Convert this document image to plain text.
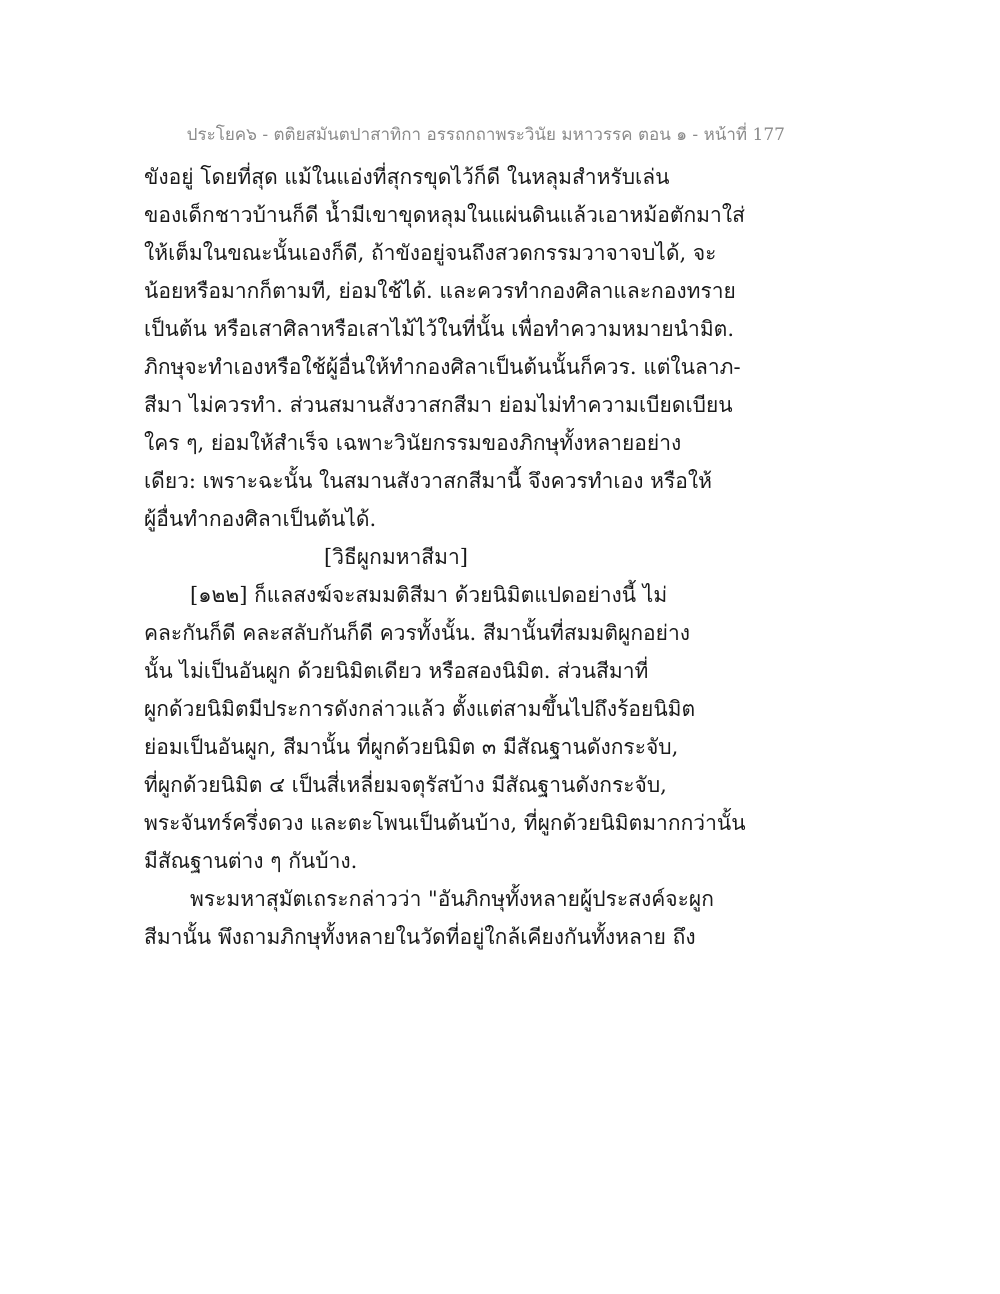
ประโยค๖ - ตติยสมันตปาสาทิกา อรรถกถาพระวินัย มหาวรรค ตอน ๑ - หน้าที่ 177
ขังอยู่ โดยที่สุด แม้ในแอ่งที่สุกรขุดไว้ก็ดี ในหลุมสำหรับเล่น
ของเด็กชาวบ้านก็ดี น้ำมีเขาขุดหลุมในแผ่นดินแล้วเอาหม้อตักมาใส่
ให้เต็มในขณะนั้นเองก็ดี, ถ้าขังอยู่จนถึงสวดกรรมวาจาจบได้, จะ
น้อยหรือมากก็ตามที, ย่อมใช้ได้. และควรทำกองศิลาและกองทราย
เป็นต้น หรือเสาศิลาหรือเสาไม้ไว้ในที่นั้น เพื่อทำความหมายนำมิต.
ภิกษุจะทำเองหรือใช้ผู้อื่นให้ทำกองศิลาเป็นต้นนั้นก็ควร. แต่ในลาภ-
สีมา ไม่ควรทำ. ส่วนสมานสังวาสกสีมา ย่อมไม่ทำความเบียดเบียน
ใคร ๆ, ย่อมให้สำเร็จ เฉพาะวินัยกรรมของภิกษุทั้งหลายอย่าง
เดียว: เพราะฉะนั้น ในสมานสังวาสกสีมานี้ จึงควรทำเอง หรือให้
ผู้อื่นทำกองศิลาเป็นต้นได้.
[วิธีผูกมหาสีมา]
[๑๒๒] ก็แลสงฆ์จะสมมติสีมา ด้วยนิมิตแปดอย่างนี้ ไม่
คละกันก็ดี คละสลับกันก็ดี ควรทั้งนั้น. สีมานั้นที่สมมติผูกอย่าง
นั้น ไม่เป็นอันผูก ด้วยนิมิตเดียว หรือสองนิมิต. ส่วนสีมาที่
ผูกด้วยนิมิตมีประการดังกล่าวแล้ว ตั้งแต่สามขึ้นไปถึงร้อยนิมิต
ย่อมเป็นอันผูก, สีมานั้น ที่ผูกด้วยนิมิต ๓ มีสัณฐานดังกระจับ,
ที่ผูกด้วยนิมิต ๔ เป็นสี่เหลี่ยมจตุรัสบ้าง มีสัณฐานดังกระจับ,
พระจันทร์ครึ่งดวง และตะโพนเป็นต้นบ้าง, ที่ผูกด้วยนิมิตมากกว่านั้น
มีสัณฐานต่าง ๆ กันบ้าง.
พระมหาสุมัตเถระกล่าวว่า "อันภิกษุทั้งหลายผู้ประสงค์จะผูก
สีมานั้น พึงถามภิกษุทั้งหลายในวัดที่อยู่ใกล้เคียงกันทั้งหลาย ถึง
